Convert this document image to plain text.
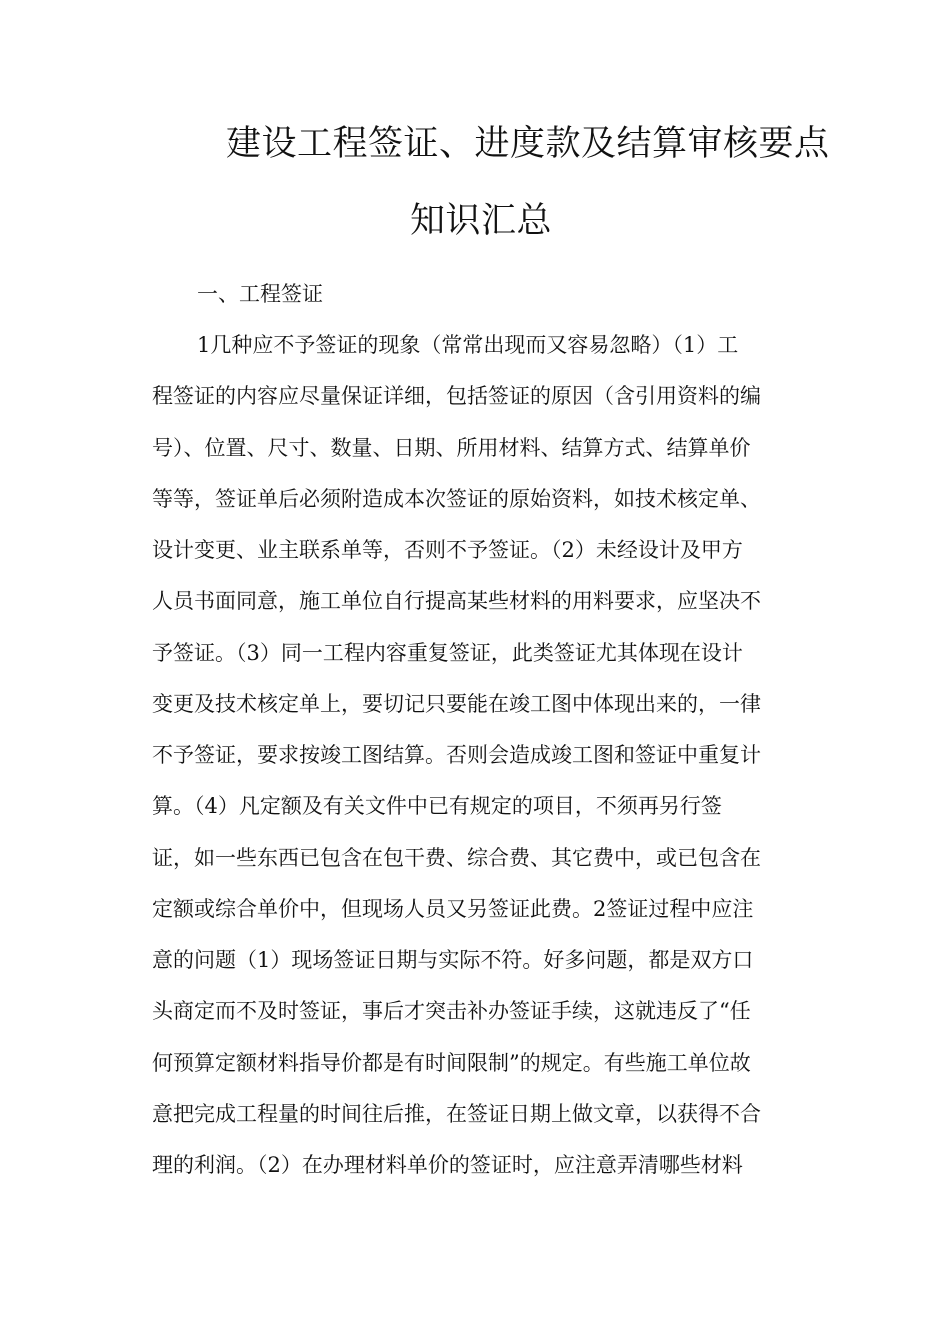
建设工程签证、进度款及结算审核要点
知识汇总
一、工程签证
1几种应不予签证的现象（常常出现而又容易忽略）（1）工
程签证的内容应尽量保证详细，包括签证的原因（含引用资料的编
号）、位置、尺寸、数量、日期、所用材料、结算方式、结算单价
等等，签证单后必须附造成本次签证的原始资料，如技术核定单、
设计变更、业主联系单等，否则不予签证。（2）未经设计及甲方
人员书面同意，施工单位自行提高某些材料的用料要求，应坚决不
予签证。（3）同一工程内容重复签证，此类签证尤其体现在设计
变更及技术核定单上，要切记只要能在竣工图中体现出来的，一律
不予签证，要求按竣工图结算。否则会造成竣工图和签证中重复计
算。（4）凡定额及有关文件中已有规定的项目，不须再另行签
证，如一些东西已包含在包干费、综合费、其它费中，或已包含在
定额或综合单价中，但现场人员又另签证此费。2签证过程中应注
意的问题（1）现场签证日期与实际不符。好多问题，都是双方口
头商定而不及时签证，事后才突击补办签证手续，这就违反了“任
何预算定额材料指导价都是有时间限制”的规定。有些施工单位故
意把完成工程量的时间往后推，在签证日期上做文章，以获得不合
理的利润。（2）在办理材料单价的签证时，应注意弄清哪些材料
